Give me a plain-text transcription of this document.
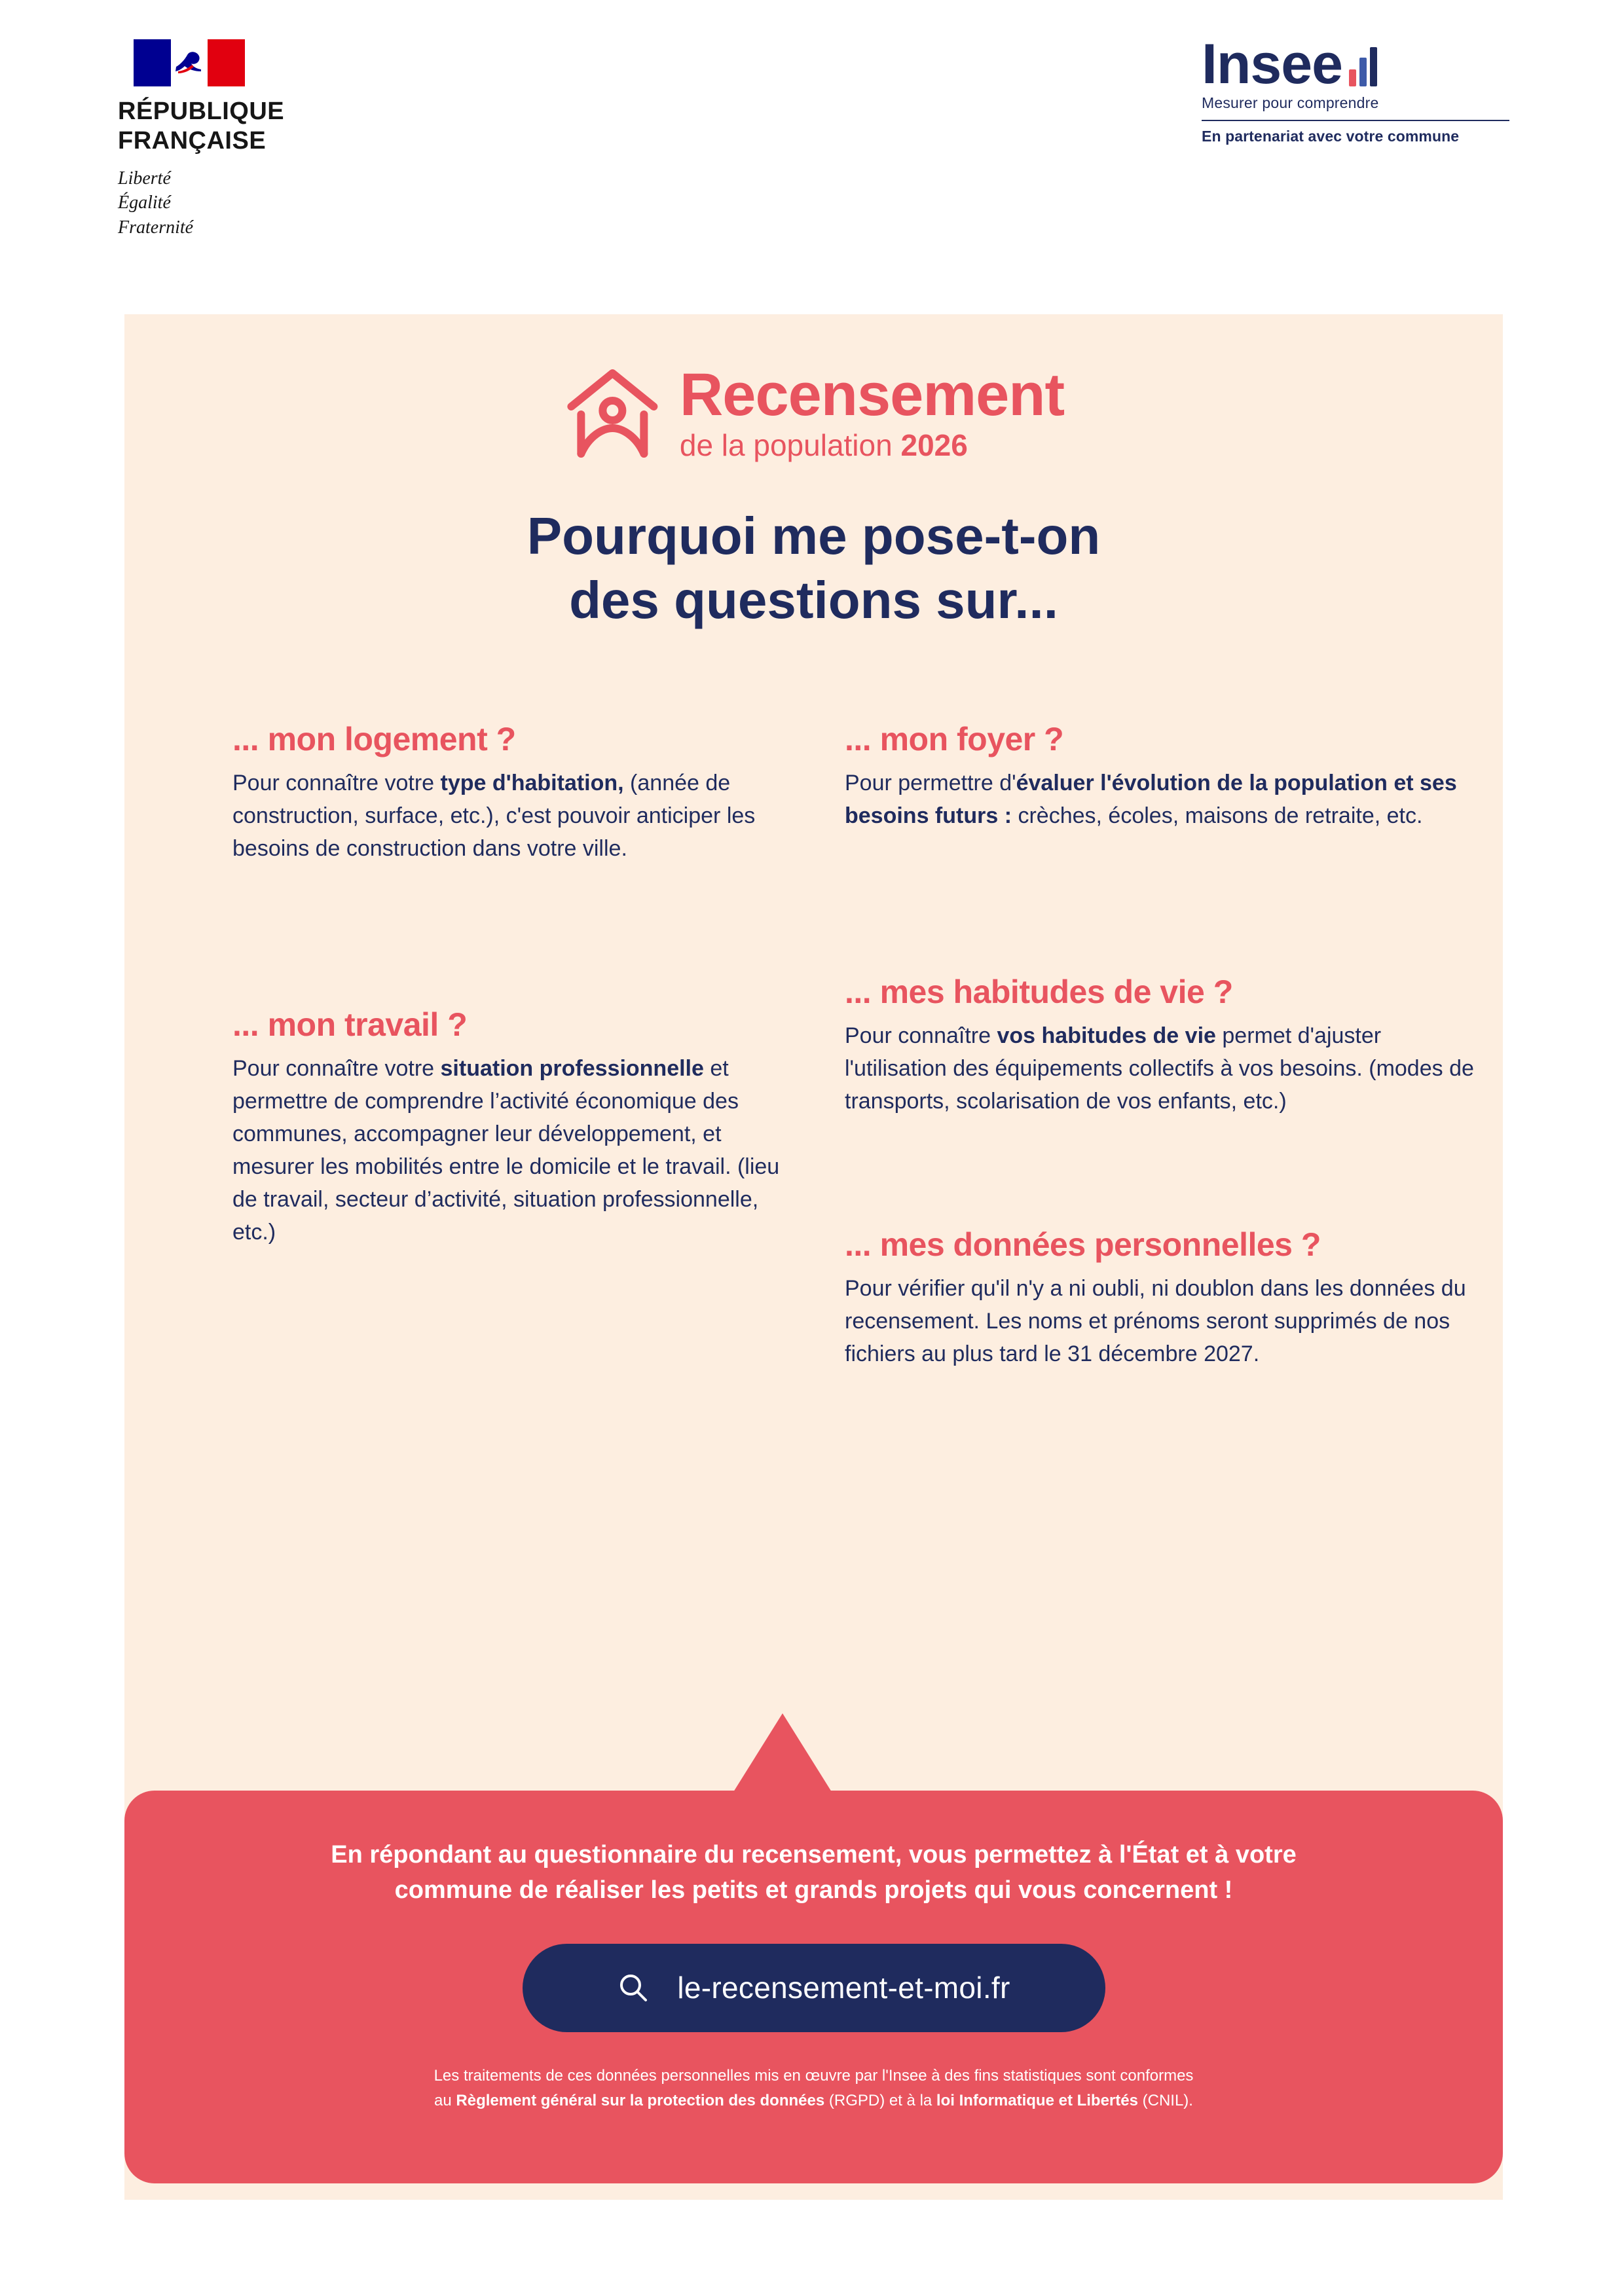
RÉPUBLIQUE
FRANÇAISE
Liberté
Égalité
Fraternité
Insee
Mesurer pour comprendre
En partenariat avec votre commune
Recensement
de la population 2026
Pourquoi me pose-t-on
des questions sur...
... mon logement ?

Pour connaître votre type d'habitation, (année de construction, surface, etc.), c'est pouvoir anticiper les besoins de construction dans votre ville.

... mon travail ?

Pour connaître votre situation professionnelle et permettre de comprendre l’activité économique des communes, accompagner leur développement, et mesurer les mobilités entre le domicile et le travail. (lieu de travail, secteur d’activité, situation professionnelle, etc.)

... mon foyer ?

Pour permettre d'évaluer l'évolution de la population et ses besoins futurs : crèches, écoles, maisons de retraite, etc.

... mes habitudes de vie ?

Pour connaître vos habitudes de vie permet d'ajuster l'utilisation des équipements collectifs à vos besoins. (modes de transports, scolarisation de vos enfants, etc.)

... mes données personnelles ?

Pour vérifier qu'il n'y a ni oubli, ni doublon dans les données du recensement. Les noms et prénoms seront supprimés de nos fichiers au plus tard le 31 décembre 2027.

En répondant au questionnaire du recensement, vous permettez à l'État et à votre
commune de réaliser les petits et grands projets qui vous concernent !
le-recensement-et-moi.fr
Les traitements de ces données personnelles mis en œuvre par l'Insee à des fins statistiques sont conformes
au Règlement général sur la protection des données (RGPD) et à la loi Informatique et Libertés (CNIL).
